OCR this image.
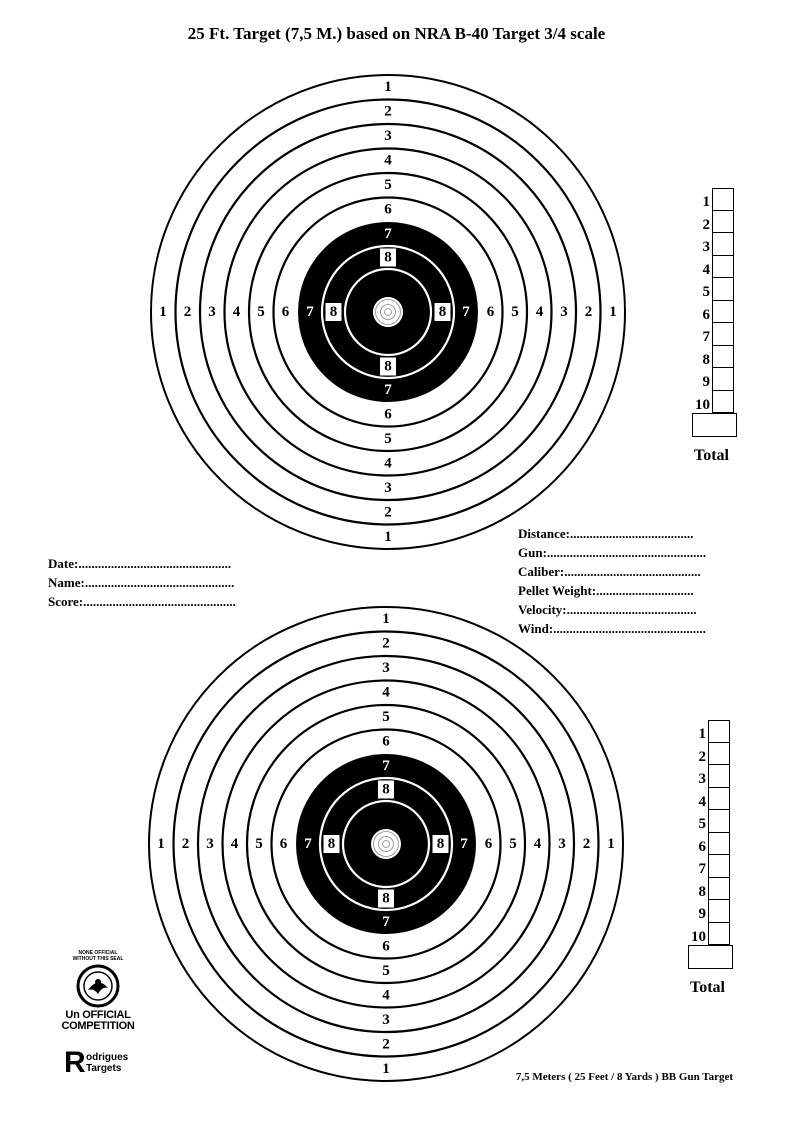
25 Ft. Target (7,5 M.) based on NRA B-40 Target 3/4 scale
1
1
1	1
2
2
2	2
3
3
3	3
4
4
4	4
5
5
5	5
6
6
6	6
7
7
7	7
8
8
8	8
1
1
1	1
2
2
2	2
3
3
3	3
4
4
4	4
5
5
5	5
6
6
6	6
7
7
7	7
8
8
8	8
1
2
3
4
5
6
7
8
9
10
Total
1
2
3
4
5
6
7
8
9
10
Total
Date:...............................................
Name:..............................................
Score:...............................................
Distance:......................................
Gun:.................................................
Caliber:..........................................
Pellet Weight:..............................
Velocity:........................................
Wind:...............................................
NONE OFFICIAL
WITHOUT THIS SEAL
Un OFFICIAL
COMPETITION
R odrigues
Targets
7,5 Meters ( 25 Feet / 8 Yards ) BB Gun Target
